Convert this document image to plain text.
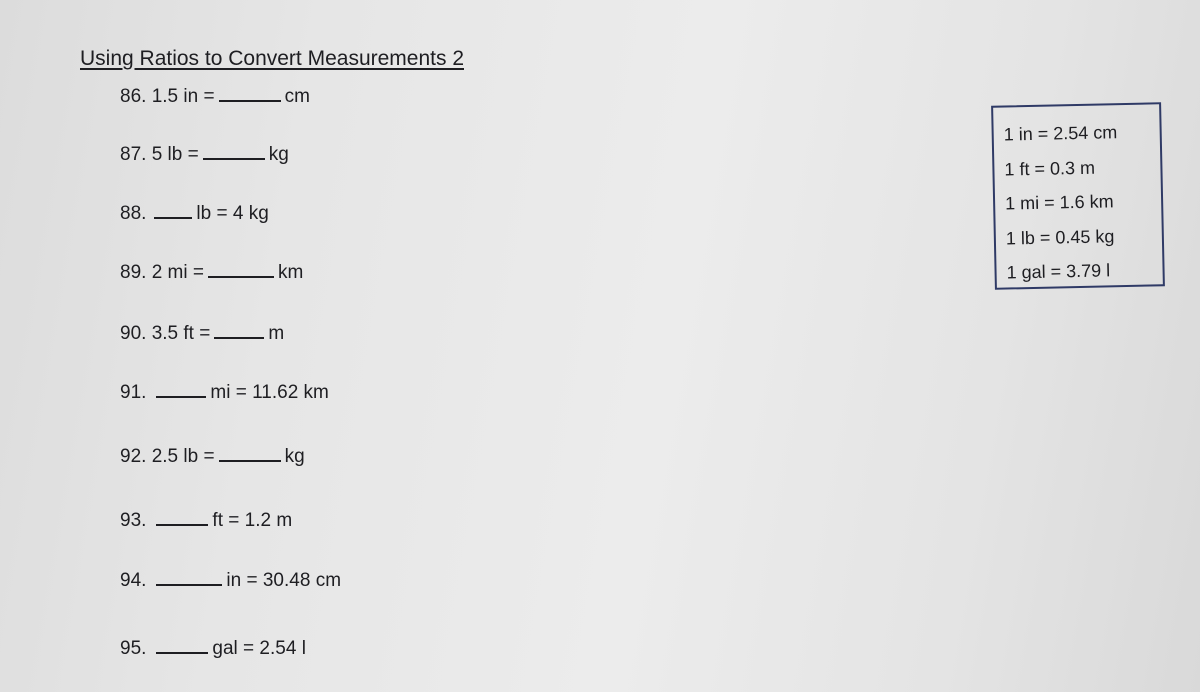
Using Ratios to Convert Measurements 2
86.
1.5 in =	cm
87.
5 lb =	kg
88.	lb = 4 kg
89.
2 mi =	km
90.
3.5 ft =	m
91.	mi = 11.62 km
92.
2.5 lb =	kg
93.	ft = 1.2 m
94.	in = 30.48 cm
95.	gal = 2.54 l
1 in = 2.54 cm
1 ft = 0.3 m
1 mi = 1.6 km
1 lb = 0.45 kg
1 gal = 3.79 l
